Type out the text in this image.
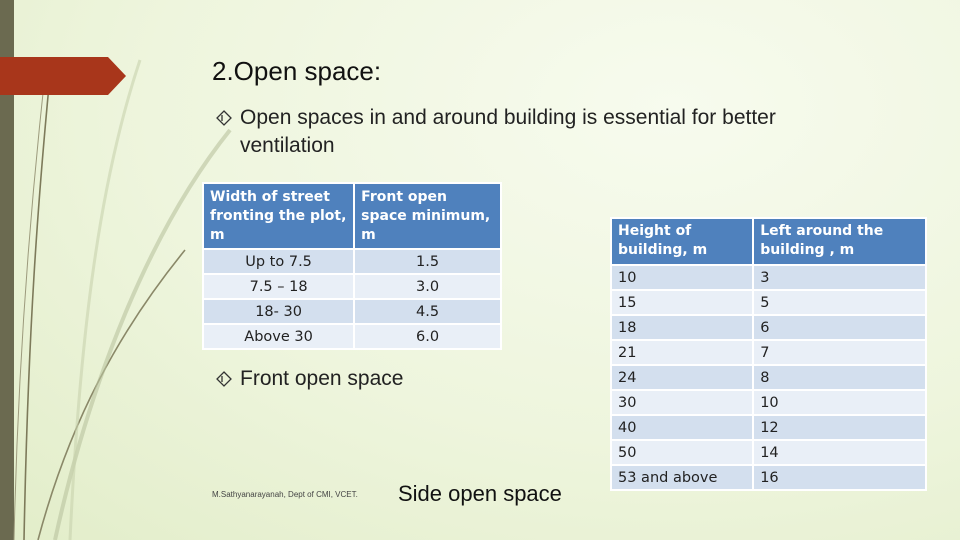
2.Open space:
Open spaces in and around building is essential for better ventilation
Width of street fronting the plot, m	Front open space minimum, m
Up to 7.5	1.5
7.5 – 18	3.0
18- 30	4.5
Above 30	6.0
Front open space
Height of building, m	Left around the building , m
10	3
15	5
18	6
21	7
24	8
30	10
40	12
50	14
53 and above	16
M.Sathyanarayanah, Dept of CMI, VCET. Side open space
